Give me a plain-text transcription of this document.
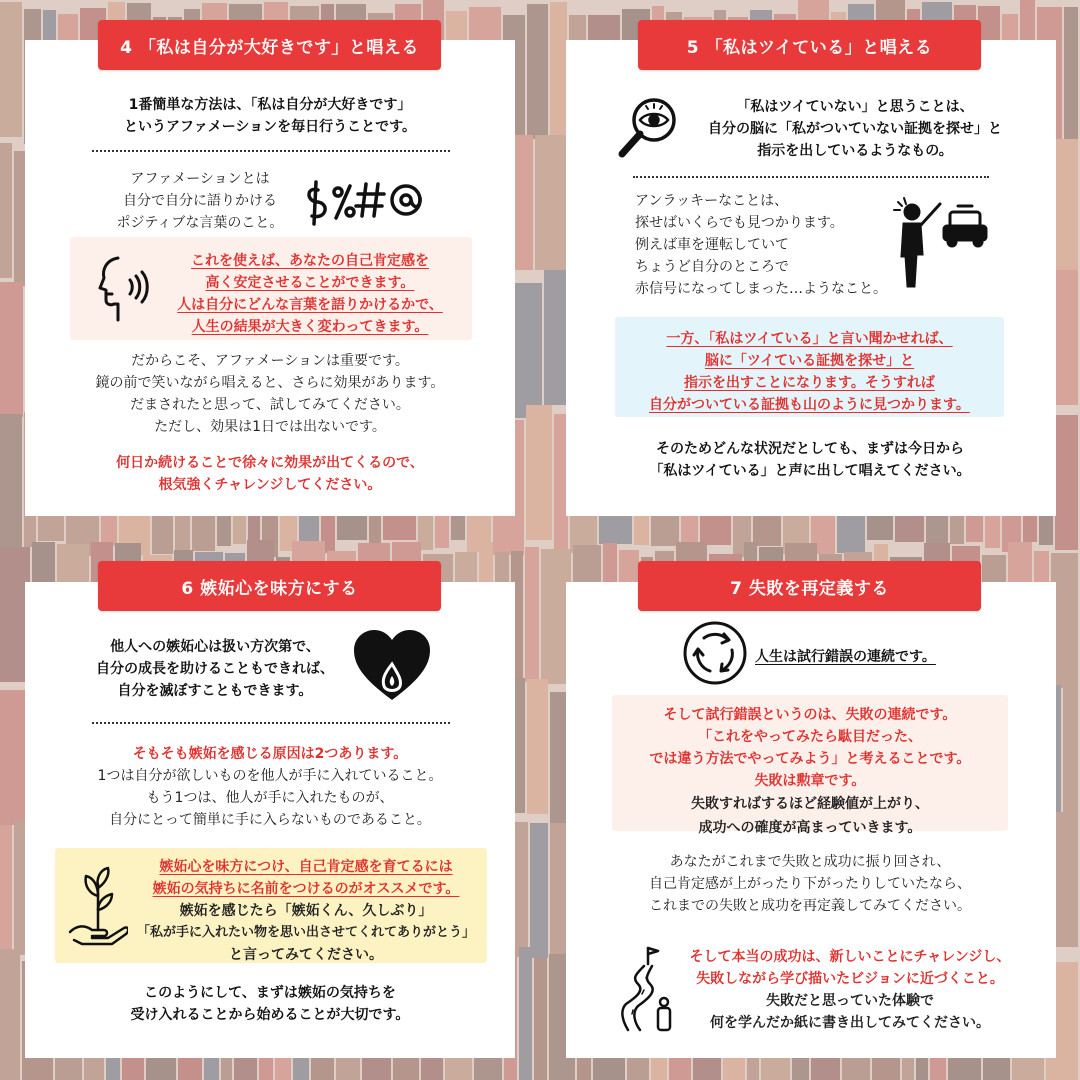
4 「私は自分が大好きです」と唱える
1番簡単な方法は、「私は自分が大好きです」
というアファメーションを毎日行うことです。
アファメーションとは
自分で自分に語りかける
ポジティブな言葉のこと。
これを使えば、あなたの自己肯定感を
高く安定させることができます。
人は自分にどんな言葉を語りかけるかで、
人生の結果が大きく変わってきます。
だからこそ、アファメーションは重要です。
鏡の前で笑いながら唱えると、さらに効果があります。
だまされたと思って、試してみてください。
ただし、効果は1日では出ないです。
何日か続けることで徐々に効果が出てくるので、
根気強くチャレンジしてください。
5 「私はツイている」と唱える
「私はツイていない」と思うことは、
自分の脳に「私がついていない証拠を探せ」と
指示を出しているようなもの。
アンラッキーなことは、
探せばいくらでも見つかります。
例えば車を運転していて
ちょうど自分のところで
赤信号になってしまった…ようなこと。
一方、「私はツイている」と言い聞かせれば、
脳に「ツイている証拠を探せ」と
指示を出すことになります。そうすれば
自分がついている証拠も山のように見つかります。
そのためどんな状況だとしても、まずは今日から
「私はツイている」と声に出して唱えてください。
6 嫉妬心を味方にする
他人への嫉妬心は扱い方次第で、
自分の成長を助けることもできれば、
自分を滅ぼすこともできます。
そもそも嫉妬を感じる原因は2つあります。
1つは自分が欲しいものを他人が手に入れていること。
もう1つは、他人が手に入れたものが、
自分にとって簡単に手に入らないものであること。
嫉妬心を味方につけ、自己肯定感を育てるには
嫉妬の気持ちに名前をつけるのがオススメです。
嫉妬を感じたら「嫉妬くん、久しぶり」
「私が手に入れたい物を思い出させてくれてありがとう」
と言ってみてください。
このようにして、まずは嫉妬の気持ちを
受け入れることから始めることが大切です。
7 失敗を再定義する
人生は試行錯誤の連続です。
そして試行錯誤というのは、失敗の連続です。
「これをやってみたら駄目だった、
では違う方法でやってみよう」と考えることです。
失敗は勲章です。
失敗すればするほど経験値が上がり、
成功への確度が高まっていきます。
あなたがこれまで失敗と成功に振り回され、
自己肯定感が上がったり下がったりしていたなら、
これまでの失敗と成功を再定義してみてください。
そして本当の成功は、新しいことにチャレンジし、
失敗しながら学び描いたビジョンに近づくこと。
失敗だと思っていた体験で
何を学んだか紙に書き出してみてください。
